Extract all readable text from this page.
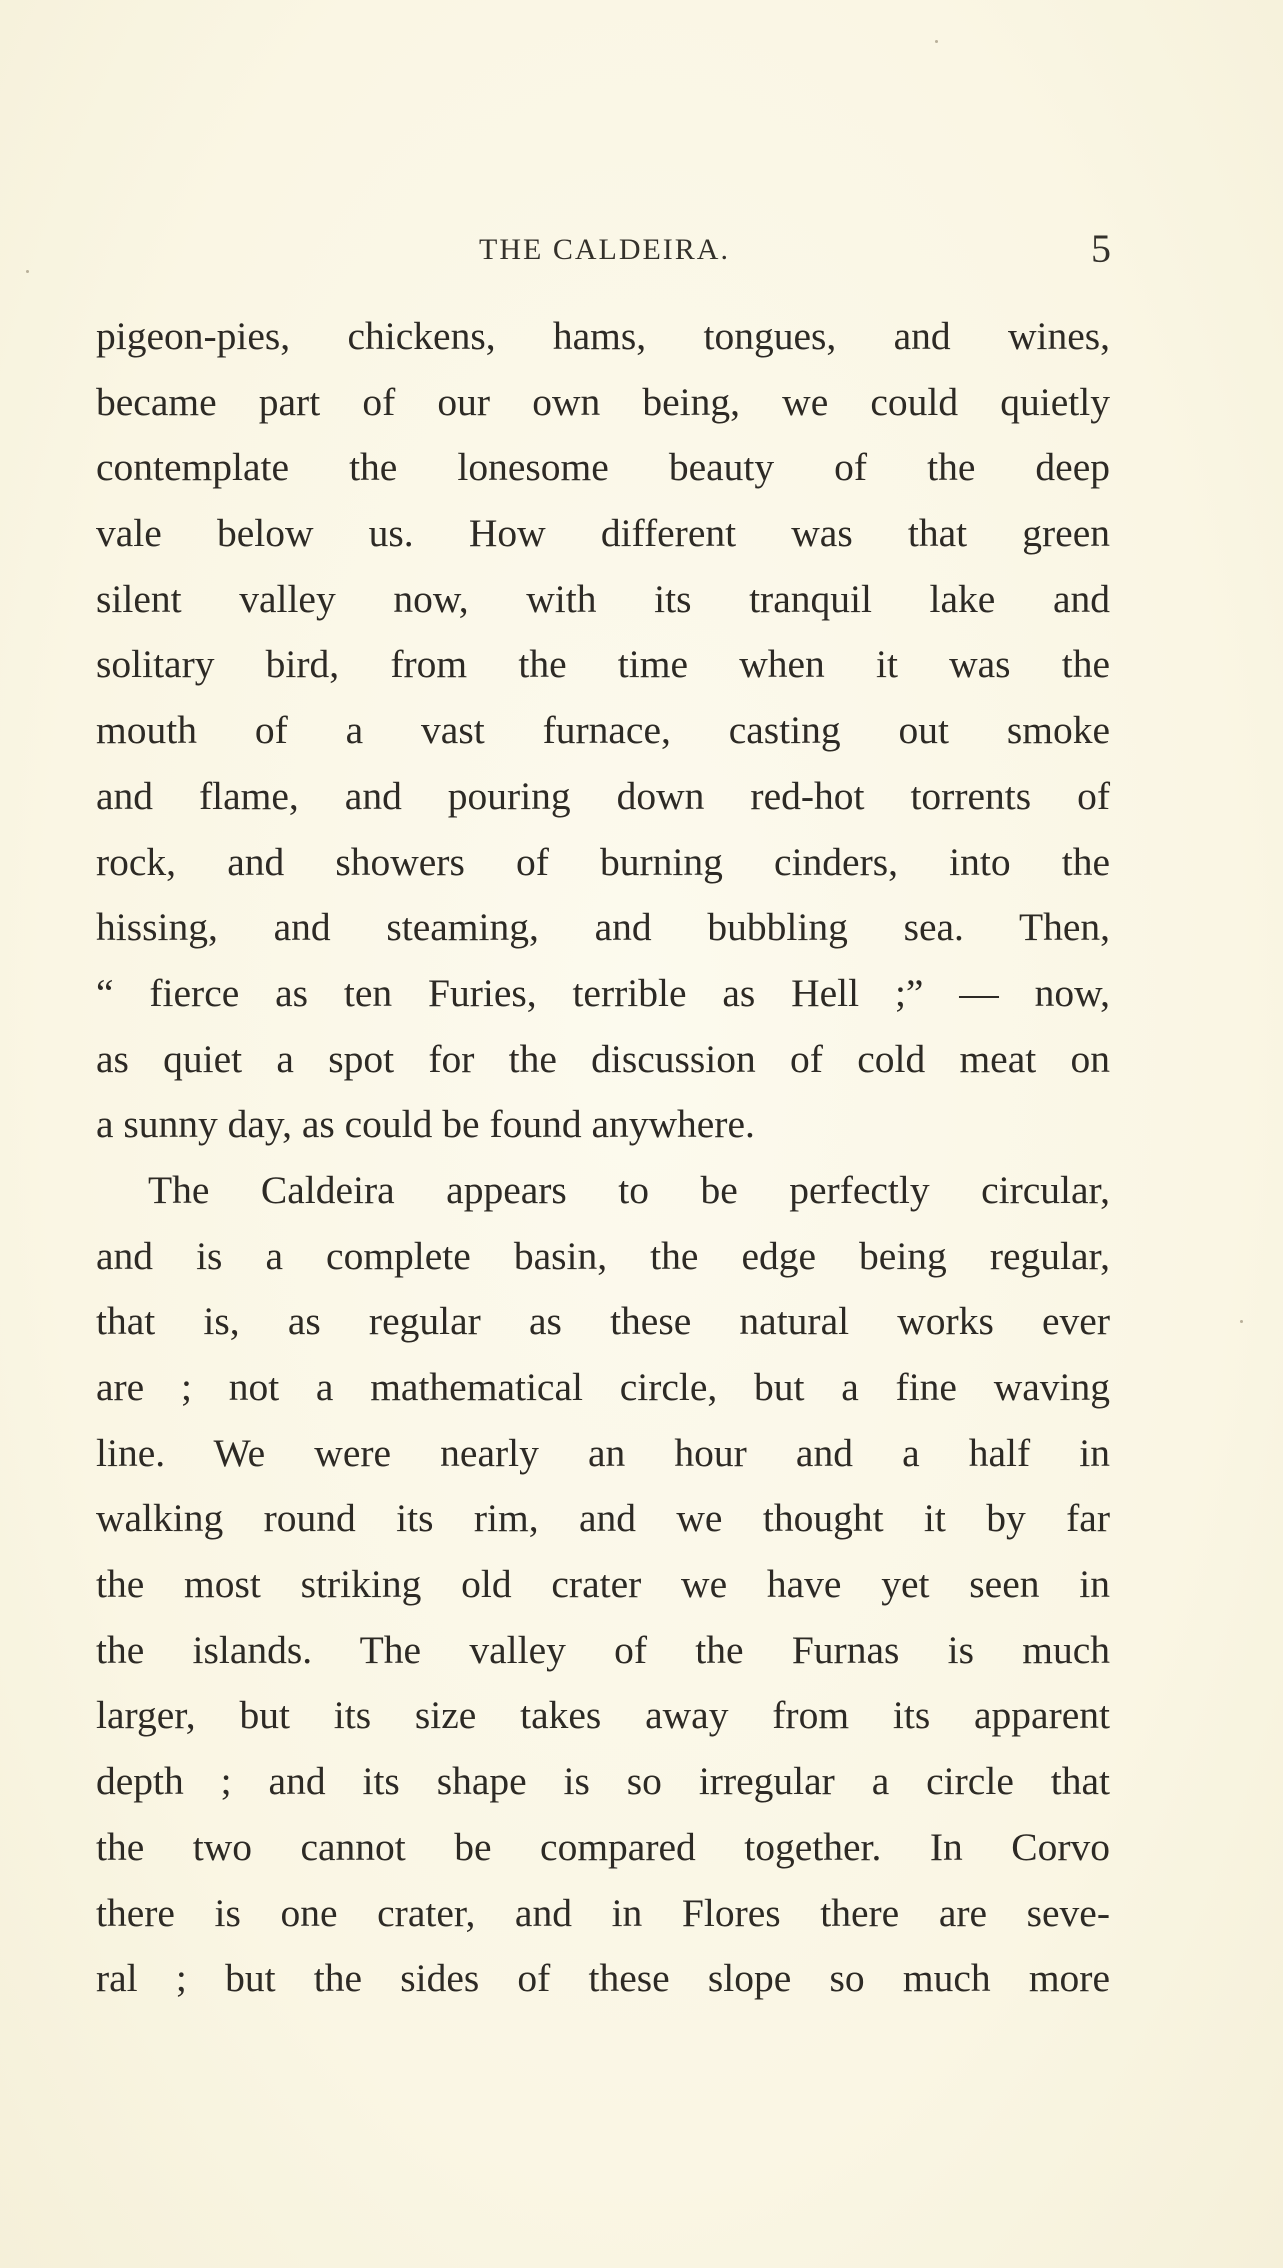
THE CALDEIRA.	5
pigeon-pies, chickens, hams, tongues, and wines,
became part of our own being, we could quietly
contemplate the lonesome beauty of the deep
vale below us. How different was that green
silent valley now, with its tranquil lake and
solitary bird, from the time when it was the
mouth of a vast furnace, casting out smoke
and flame, and pouring down red-hot torrents of
rock, and showers of burning cinders, into the
hissing, and steaming, and bubbling sea. Then,
“ fierce as ten Furies, terrible as Hell ;” — now,
as quiet a spot for the discussion of cold meat on
a sunny day, as could be found anywhere.
The Caldeira appears to be perfectly circular,
and is a complete basin, the edge being regular,
that is, as regular as these natural works ever
are ; not a mathematical circle, but a fine waving
line. We were nearly an hour and a half in
walking round its rim, and we thought it by far
the most striking old crater we have yet seen in
the islands. The valley of the Furnas is much
larger, but its size takes away from its apparent
depth ; and its shape is so irregular a circle that
the two cannot be compared together. In Corvo
there is one crater, and in Flores there are seve-
ral ; but the sides of these slope so much more
